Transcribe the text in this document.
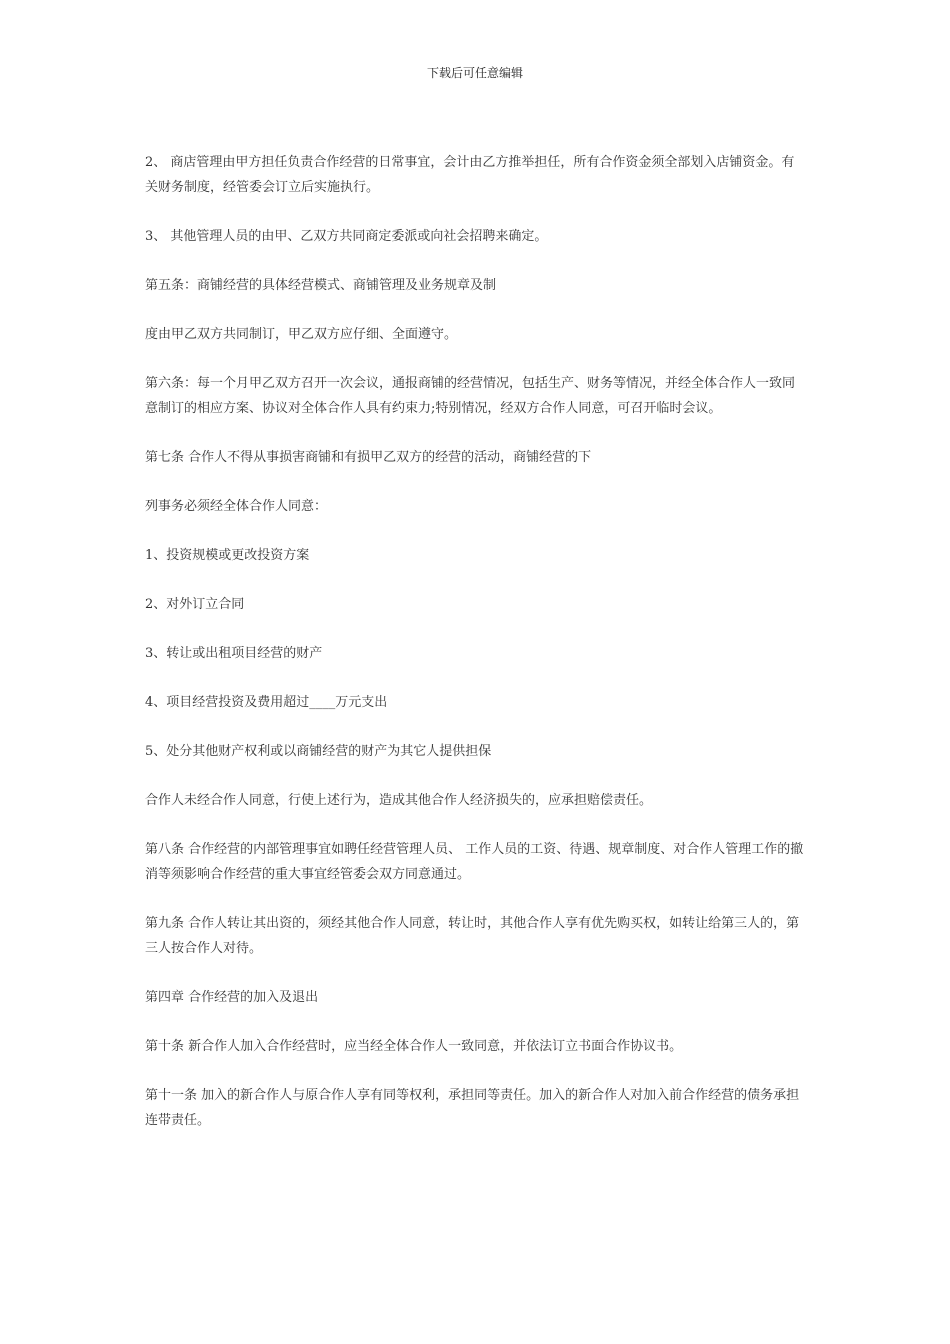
下载后可任意编辑

2、 商店管理由甲方担任负责合作经营的日常事宜，会计由乙方推举担任，所有合作资金须全部划入店铺资金。有关财务制度，经管委会订立后实施执行。

3、 其他管理人员的由甲、乙双方共同商定委派或向社会招聘来确定。

第五条：商铺经营的具体经营模式、商铺管理及业务规章及制

度由甲乙双方共同制订，甲乙双方应仔细、全面遵守。

第六条：每一个月甲乙双方召开一次会议，通报商铺的经营情况，包括生产、财务等情况，并经全体合作人一致同意制订的相应方案、协议对全体合作人具有约束力;特别情况，经双方合作人同意，可召开临时会议。

第七条 合作人不得从事损害商铺和有损甲乙双方的经营的活动，商铺经营的下

列事务必须经全体合作人同意：

1、投资规模或更改投资方案

2、对外订立合同

3、转让或出租项目经营的财产

4、项目经营投资及费用超过____万元支出

5、处分其他财产权利或以商铺经营的财产为其它人提供担保

合作人未经合作人同意，行使上述行为，造成其他合作人经济损失的，应承担赔偿责任。

第八条 合作经营的内部管理事宜如聘任经营管理人员、 工作人员的工资、待遇、规章制度、对合作人管理工作的撤消等须影响合作经营的重大事宜经管委会双方同意通过。

第九条 合作人转让其出资的，须经其他合作人同意，转让时，其他合作人享有优先购买权，如转让给第三人的，第三人按合作人对待。

第四章 合作经营的加入及退出

第十条 新合作人加入合作经营时，应当经全体合作人一致同意，并依法订立书面合作协议书。

第十一条 加入的新合作人与原合作人享有同等权利，承担同等责任。加入的新合作人对加入前合作经营的债务承担连带责任。
